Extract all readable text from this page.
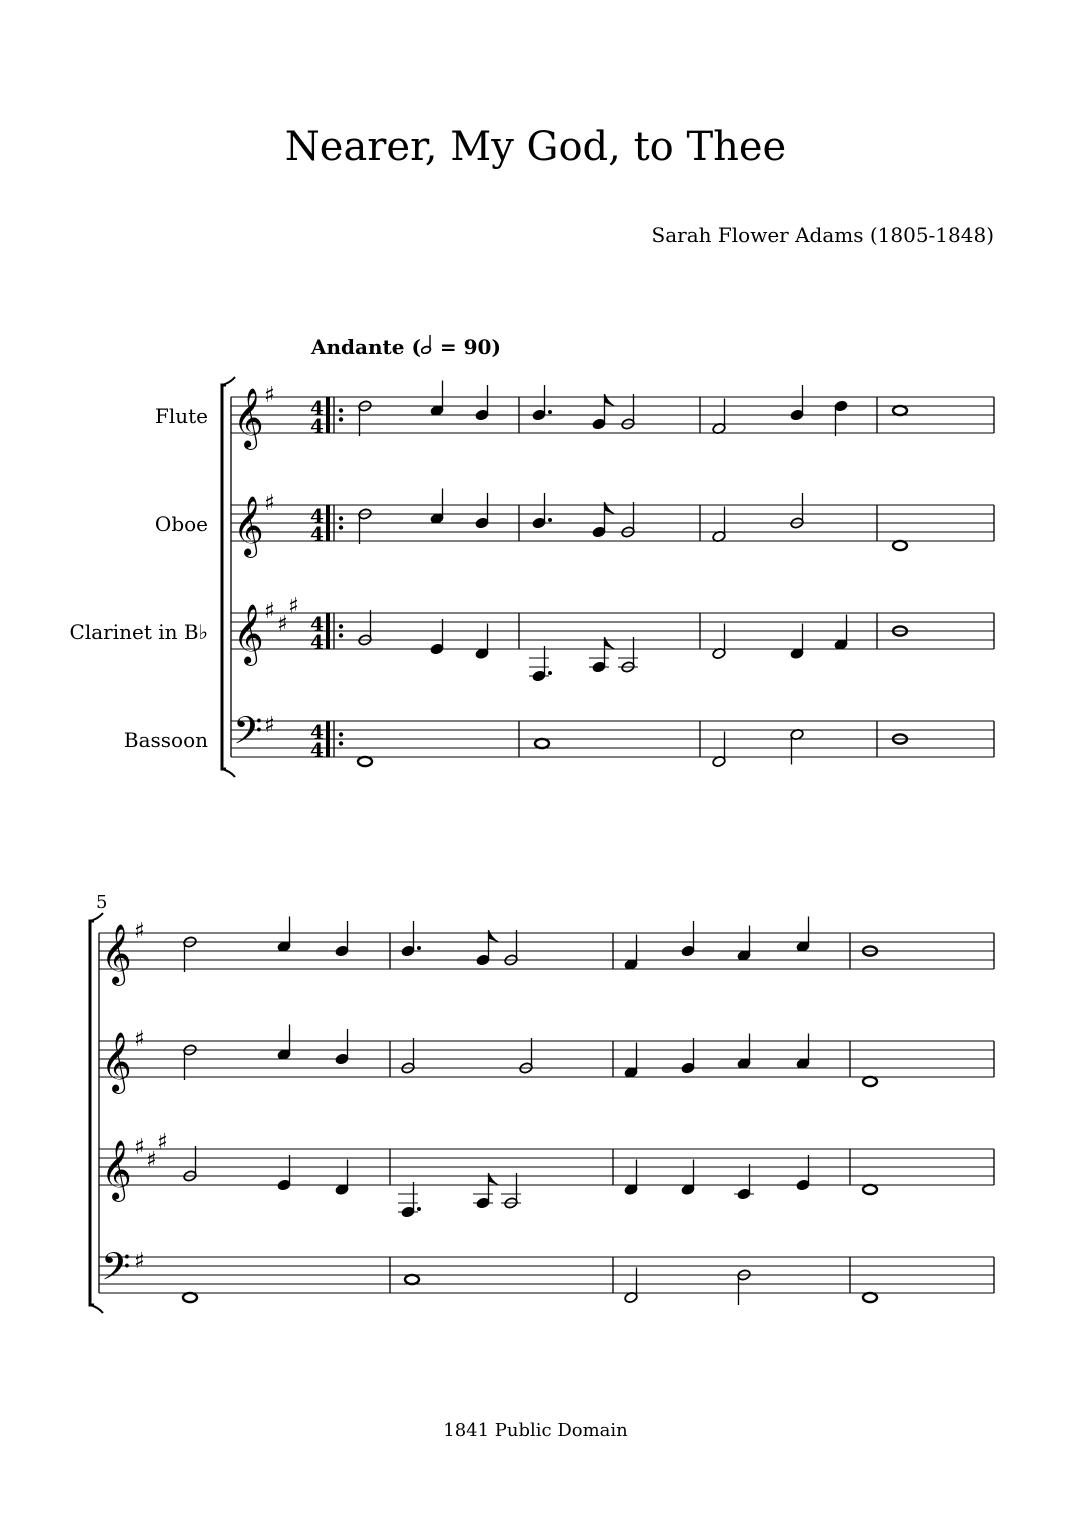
Nearer, My God, to Thee
Sarah Flower Adams (1805-1848)
Andante (
= 90)
Flute
Oboe
Clarinet in B♭
Bassoon
5
1841 Public Domain
𝄞 ♯
𝄞 ♯
𝄞 ♯
♯
♯
𝄢 ♯
4
4
4
4
4
4
4
4
𝄞 ♯
𝄞 ♯
𝄞 ♯
♯
♯
𝄢 ♯
